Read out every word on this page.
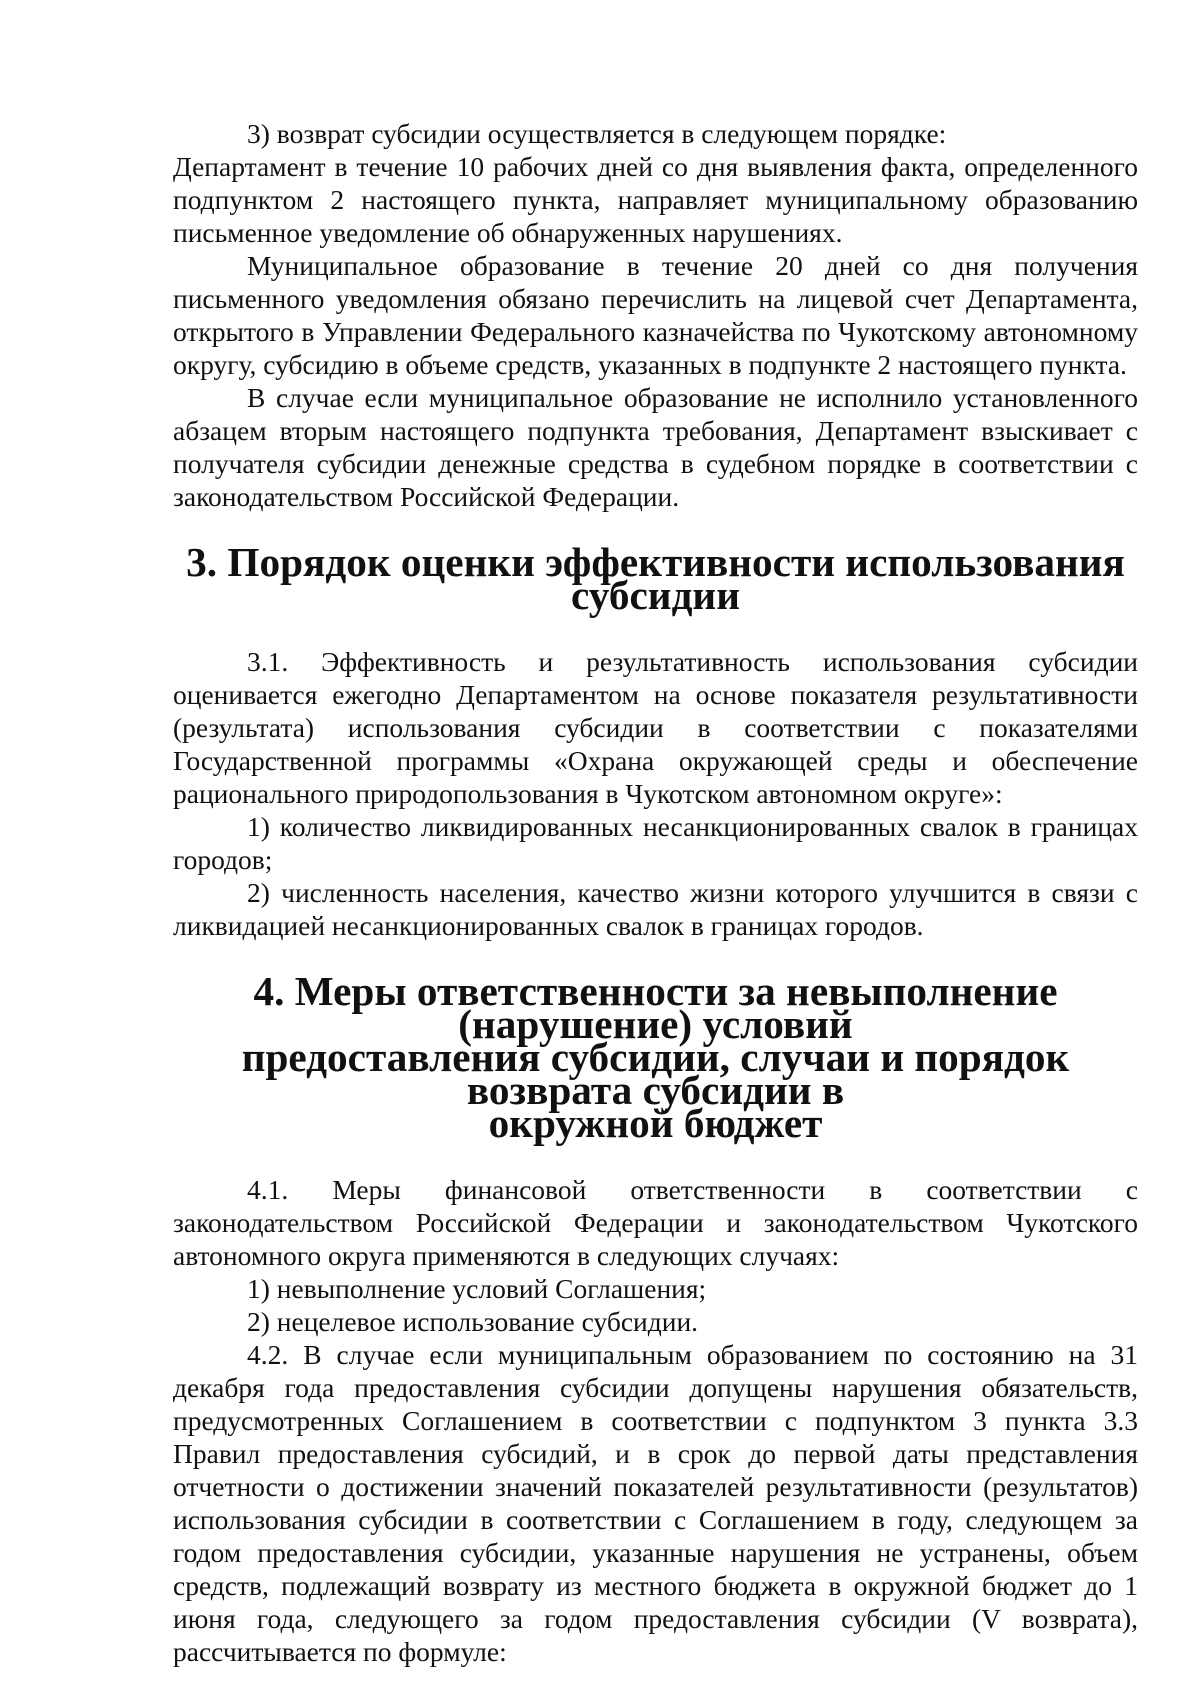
3) возврат субсидии осуществляется в следующем порядке:

Департамент в течение 10 рабочих дней со дня выявления факта, определенного подпунктом 2 настоящего пункта, направляет муниципальному образованию письменное уведомление об обнаруженных нарушениях.

Муниципальное образование в течение 20 дней со дня получения письменного уведомления обязано перечислить на лицевой счет Департамента, открытого в Управлении Федерального казначейства по Чукотскому автономному округу, субсидию в объеме средств, указанных в подпункте 2 настоящего пункта.

В случае если муниципальное образование не исполнило установленного абзацем вторым настоящего подпункта требования, Департамент взыскивает с получателя субсидии денежные средства в судебном порядке в соответствии с законодательством Российской Федерации.

3. Порядок оценки эффективности использования субсидии

3.1. Эффективность и результативность использования субсидии оценивается ежегодно Департаментом на основе показателя результативности (результата) использования субсидии в соответствии с показателями Государственной программы «Охрана окружающей среды и обеспечение рационального природопользования в Чукотском автономном округе»:

1) количество ликвидированных несанкционированных свалок в границах городов;

2) численность населения, качество жизни которого улучшится в связи с ликвидацией несанкционированных свалок в границах городов.

4. Меры ответственности за невыполнение (нарушение) условий
предоставления субсидии, случаи и порядок возврата субсидии в
окружной бюджет

4.1. Меры финансовой ответственности в соответствии с законодательством Российской Федерации и законодательством Чукотского автономного округа применяются в следующих случаях:

1) невыполнение условий Соглашения;

2) нецелевое использование субсидии.

4.2. В случае если муниципальным образованием по состоянию на 31 декабря года предоставления субсидии допущены нарушения обязательств, предусмотренных Соглашением в соответствии с подпунктом 3 пункта 3.3 Правил предоставления субсидий, и в срок до первой даты представления отчетности о достижении значений показателей результативности (результатов) использования субсидии в соответствии с Соглашением в году, следующем за годом предоставления субсидии, указанные нарушения не устранены, объем средств, подлежащий возврату из местного бюджета в окружной бюджет до 1 июня года, следующего за годом предоставления субсидии (V возврата), рассчитывается по формуле:
